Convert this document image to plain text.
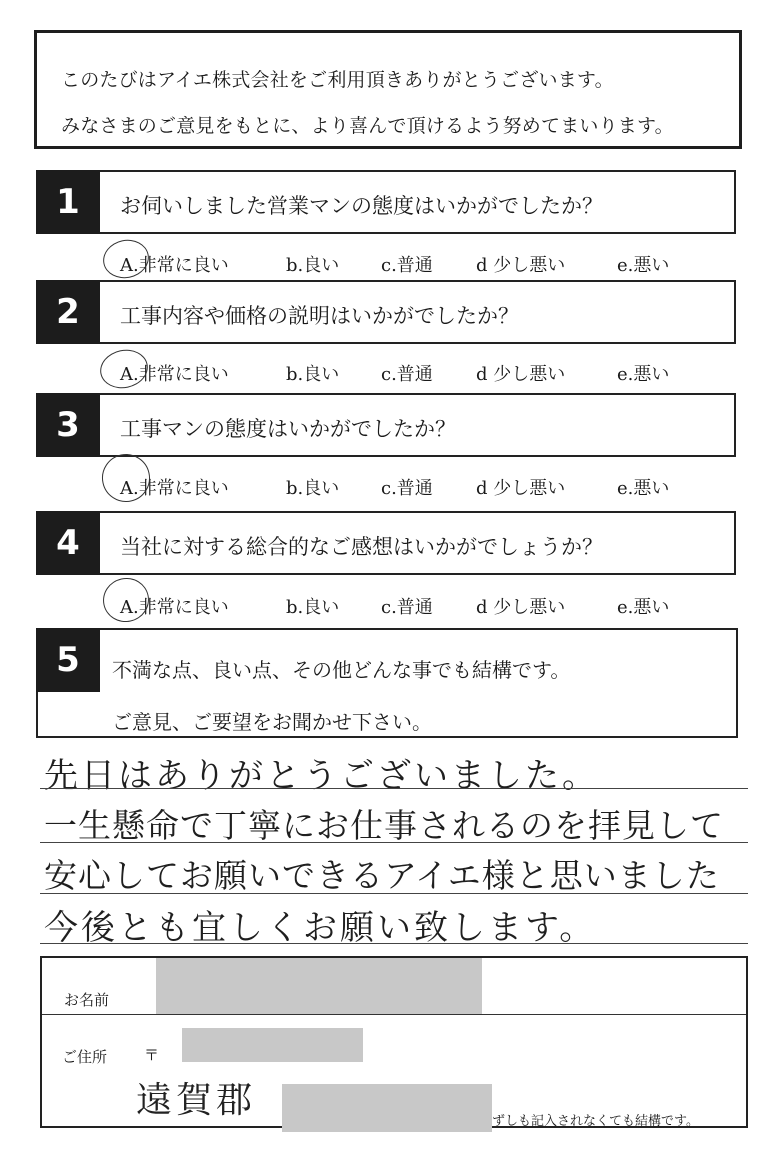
このたびはアイエ株式会社をご利用頂きありがとうございます。
みなさまのご意見をもとに、より喜んで頂けるよう努めてまいります。
1	お伺いしました営業マンの態度はいかがでしたか？
A.非常に良い	b.良い c.普通 d 少し悪い	e.悪い
2	工事内容や価格の説明はいかがでしたか？
A.非常に良い	b.良い c.普通 d 少し悪い	e.悪い
3	工事マンの態度はいかがでしたか？
A.非常に良い	b.良い c.普通 d 少し悪い	e.悪い
4	当社に対する総合的なご感想はいかがでしょうか？
A.非常に良い	b.良い c.普通 d 少し悪い	e.悪い
5	不満な点、良い点、その他どんな事でも結構です。
ご意見、ご要望をお聞かせ下さい。
先日はありがとうございました。
一生懸命で丁寧にお仕事されるのを拝見して
安心してお願いできるアイエ様と思いました
今後とも宜しくお願い致します。
お名前
ご住所 〒
遠賀郡
ずしも記入されなくても結構です。
